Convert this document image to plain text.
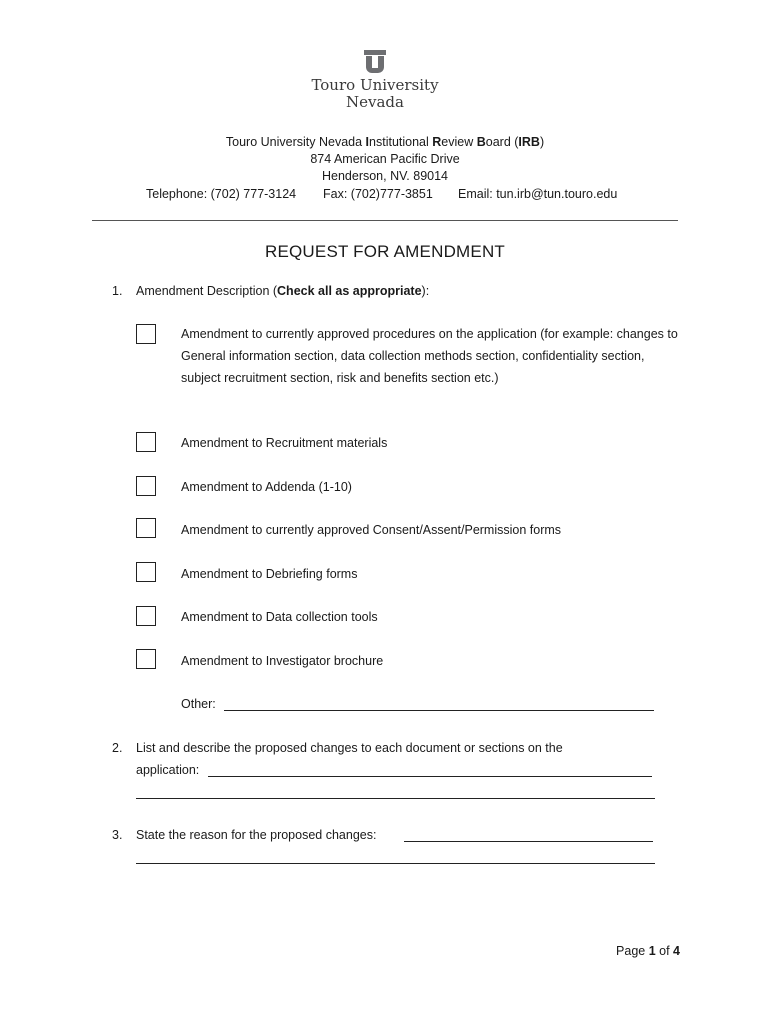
Touro University
Nevada
Touro University Nevada Institutional Review Board (IRB)
874 American Pacific Drive
Henderson, NV. 89014
Telephone: (702) 777-3124 Fax: (702)777-3851 Email: tun.irb@tun.touro.edu
REQUEST FOR AMENDMENT
1. Amendment Description (Check all as appropriate):
Amendment to currently approved procedures on the application (for example: changes to General information section, data collection methods section, confidentiality section, subject recruitment section, risk and benefits section etc.)
Amendment to Recruitment materials
Amendment to Addenda (1-10)
Amendment to currently approved Consent/Assent/Permission forms
Amendment to Debriefing forms
Amendment to Data collection tools
Amendment to Investigator brochure
Other:
2. List and describe the proposed changes to each document or sections on the
application:
3. State the reason for the proposed changes:
Page 1 of 4
